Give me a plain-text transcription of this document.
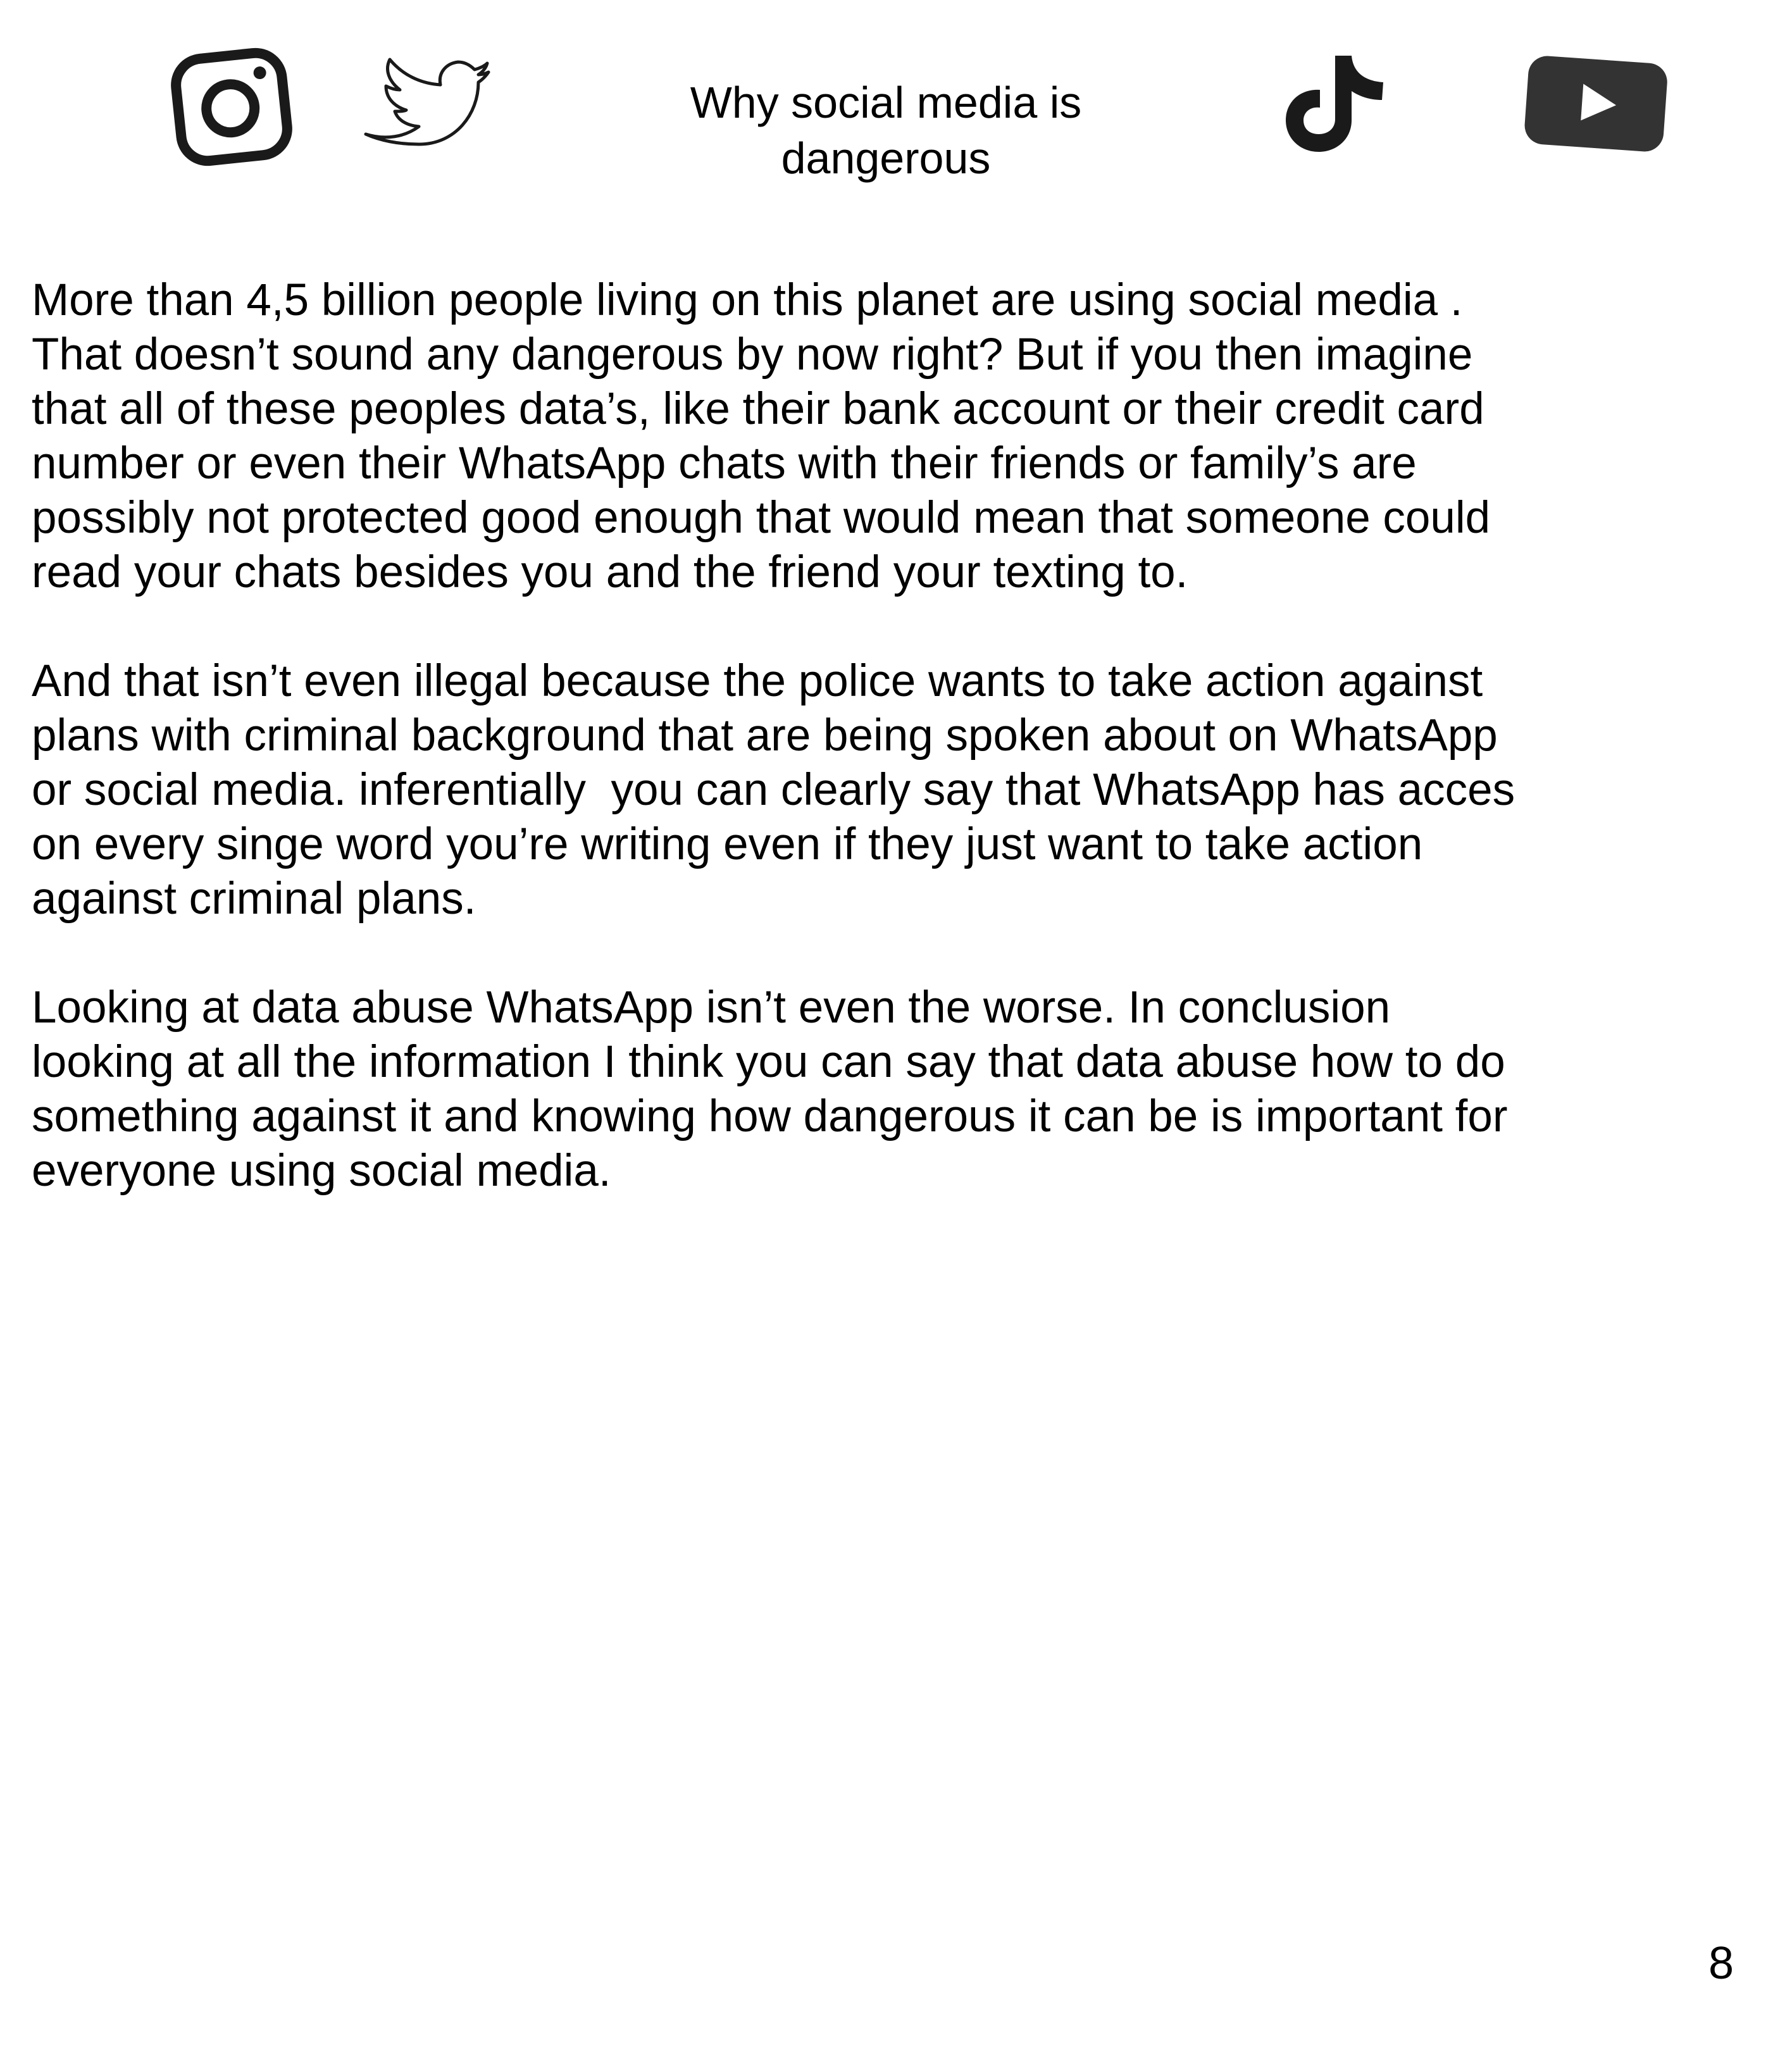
Why social media is
dangerous

More than 4,5 billion people living on this planet are using social media .
That doesn’t sound any dangerous by now right? But if you then imagine
that all of these peoples data’s, like their bank account or their credit card
number or even their WhatsApp chats with their friends or family’s are
possibly not protected good enough that would mean that someone could
read your chats besides you and the friend your texting to.

And that isn’t even illegal because the police wants to take action against
plans with criminal background that are being spoken about on WhatsApp
or social media. inferentially  you can clearly say that WhatsApp has acces
on every singe word you’re writing even if they just want to take action
against criminal plans.

Looking at data abuse WhatsApp isn’t even the worse. In conclusion
looking at all the information I think you can say that data abuse how to do
something against it and knowing how dangerous it can be is important for
everyone using social media.

8
